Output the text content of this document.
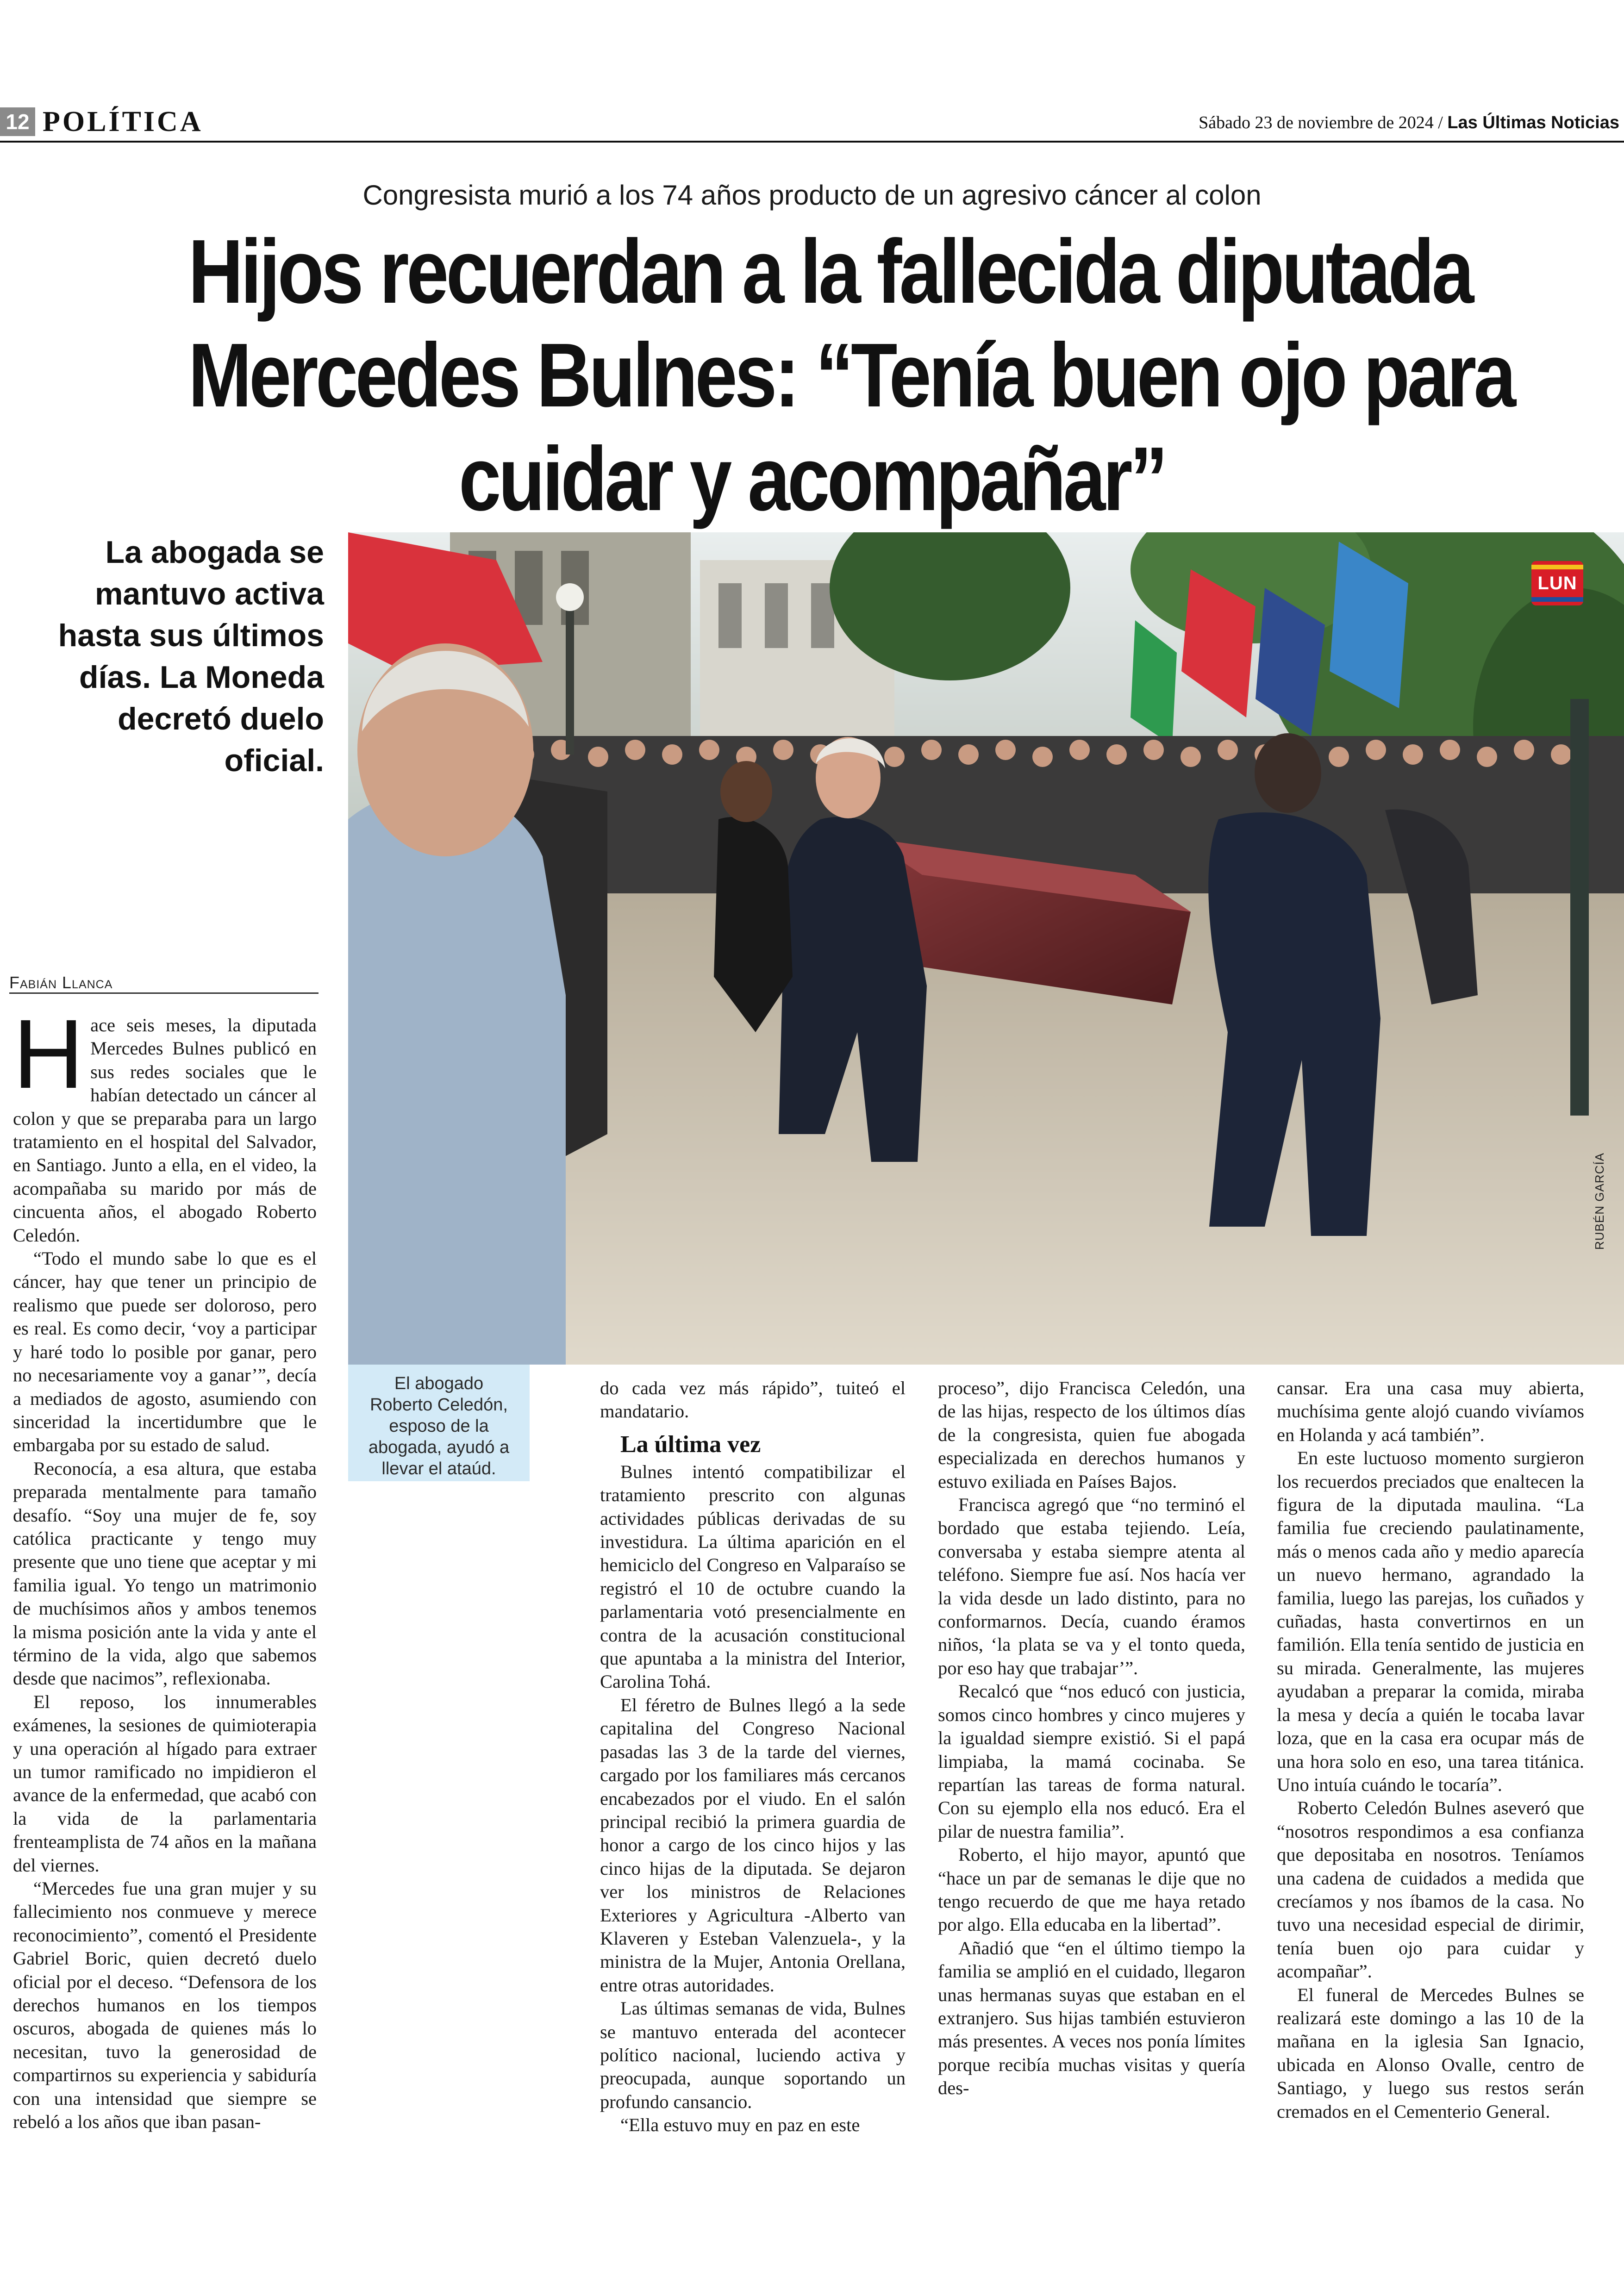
12 POLÍTICA	Sábado 23 de noviembre de 2024 / Las Últimas Noticias
Congresista murió a los 74 años producto de un agresivo cáncer al colon
Hijos recuerdan a la fallecida diputada
Mercedes Bulnes: “Tenía buen ojo para
cuidar y acompañar”
La abogada se
mantuvo activa
hasta sus últimos
días. La Moneda
decretó duelo
oficial.
LUN
RUBÉN GARCÍA
El abogado
Roberto Celedón,
esposo de la
abogada, ayudó a
llevar el ataúd.
Fabián Llanca

Hace seis meses, la diputada Mercedes Bulnes publicó en sus redes sociales que le habían detectado un cáncer al colon y que se preparaba para un largo tratamiento en el hospital del Salvador, en Santiago. Junto a ella, en el video, la acompañaba su marido por más de cincuenta años, el abogado Roberto Celedón.

“Todo el mundo sabe lo que es el cáncer, hay que tener un principio de realismo que puede ser doloroso, pero es real. Es como decir, ‘voy a participar y haré todo lo posible por ganar, pero no necesariamente voy a ganar’”, decía a mediados de agosto, asumiendo con sinceridad la incertidumbre que le embargaba por su estado de salud.

Reconocía, a esa altura, que estaba preparada mentalmente para tamaño desafío. “Soy una mujer de fe, soy católica practicante y tengo muy presente que uno tiene que aceptar y mi familia igual. Yo tengo un matrimonio de muchísimos años y ambos tenemos la misma posición ante la vida y ante el término de la vida, algo que sabemos desde que nacimos”, reflexionaba.

El reposo, los innumerables exámenes, la sesiones de quimioterapia y una operación al hígado para extraer un tumor ramificado no impidieron el avance de la enfermedad, que acabó con la vida de la parlamentaria frenteamplista de 74 años en la mañana del viernes.

“Mercedes fue una gran mujer y su fallecimiento nos conmueve y merece reconocimiento”, comentó el Presidente Gabriel Boric, quien decretó duelo oficial por el deceso. “Defensora de los derechos humanos en los tiempos oscuros, abogada de quienes más lo necesitan, tuvo la generosidad de compartirnos su experiencia y sabiduría con una intensidad que siempre se rebeló a los años que iban pasan-

do cada vez más rápido”, tuiteó el mandatario.

La última vez

Bulnes intentó compatibilizar el tratamiento prescrito con algunas actividades públicas derivadas de su investidura. La última aparición en el hemiciclo del Congreso en Valparaíso se registró el 10 de octubre cuando la parlamentaria votó presencialmente en contra de la acusación constitucional que apuntaba a la ministra del Interior, Carolina Tohá.

El féretro de Bulnes llegó a la sede capitalina del Congreso Nacional pasadas las 3 de la tarde del viernes, cargado por los familiares más cercanos encabezados por el viudo. En el salón principal recibió la primera guardia de honor a cargo de los cinco hijos y las cinco hijas de la diputada. Se dejaron ver los ministros de Relaciones Exteriores y Agricultura -Alberto van Klaveren y Esteban Valenzuela-, y la ministra de la Mujer, Antonia Orellana, entre otras autoridades.

Las últimas semanas de vida, Bulnes se mantuvo enterada del acontecer político nacional, luciendo activa y preocupada, aunque soportando un profundo cansancio.

“Ella estuvo muy en paz en este

proceso”, dijo Francisca Celedón, una de las hijas, respecto de los últimos días de la congresista, quien fue abogada especializada en derechos humanos y estuvo exiliada en Países Bajos.

Francisca agregó que “no terminó el bordado que estaba tejiendo. Leía, conversaba y estaba siempre atenta al teléfono. Siempre fue así. Nos hacía ver la vida desde un lado distinto, para no conformarnos. Decía, cuando éramos niños, ‘la plata se va y el tonto queda, por eso hay que trabajar’”.

Recalcó que “nos educó con justicia, somos cinco hombres y cinco mujeres y la igualdad siempre existió. Si el papá limpiaba, la mamá cocinaba. Se repartían las tareas de forma natural. Con su ejemplo ella nos educó. Era el pilar de nuestra familia”.

Roberto, el hijo mayor, apuntó que “hace un par de semanas le dije que no tengo recuerdo de que me haya retado por algo. Ella educaba en la libertad”.

Añadió que “en el último tiempo la familia se amplió en el cuidado, llegaron unas hermanas suyas que estaban en el extranjero. Sus hijas también estuvieron más presentes. A veces nos ponía límites porque recibía muchas visitas y quería des-

cansar. Era una casa muy abierta, muchísima gente alojó cuando vivíamos en Holanda y acá también”.

En este luctuoso momento surgieron los recuerdos preciados que enaltecen la figura de la diputada maulina. “La familia fue creciendo paulatinamente, más o menos cada año y medio aparecía un nuevo hermano, agrandado la familia, luego las parejas, los cuñados y cuñadas, hasta convertirnos en un familión. Ella tenía sentido de justicia en su mirada. Generalmente, las mujeres ayudaban a preparar la comida, miraba la mesa y decía a quién le tocaba lavar loza, que en la casa era ocupar más de una hora solo en eso, una tarea titánica. Uno intuía cuándo le tocaría”.

Roberto Celedón Bulnes aseveró que “nosotros respondimos a esa confianza que depositaba en nosotros. Teníamos una cadena de cuidados a medida que crecíamos y nos íbamos de la casa. No tuvo una necesidad especial de dirimir, tenía buen ojo para cuidar y acompañar”.

El funeral de Mercedes Bulnes se realizará este domingo a las 10 de la mañana en la iglesia San Ignacio, ubicada en Alonso Ovalle, centro de Santiago, y luego sus restos serán cremados en el Cementerio General.
